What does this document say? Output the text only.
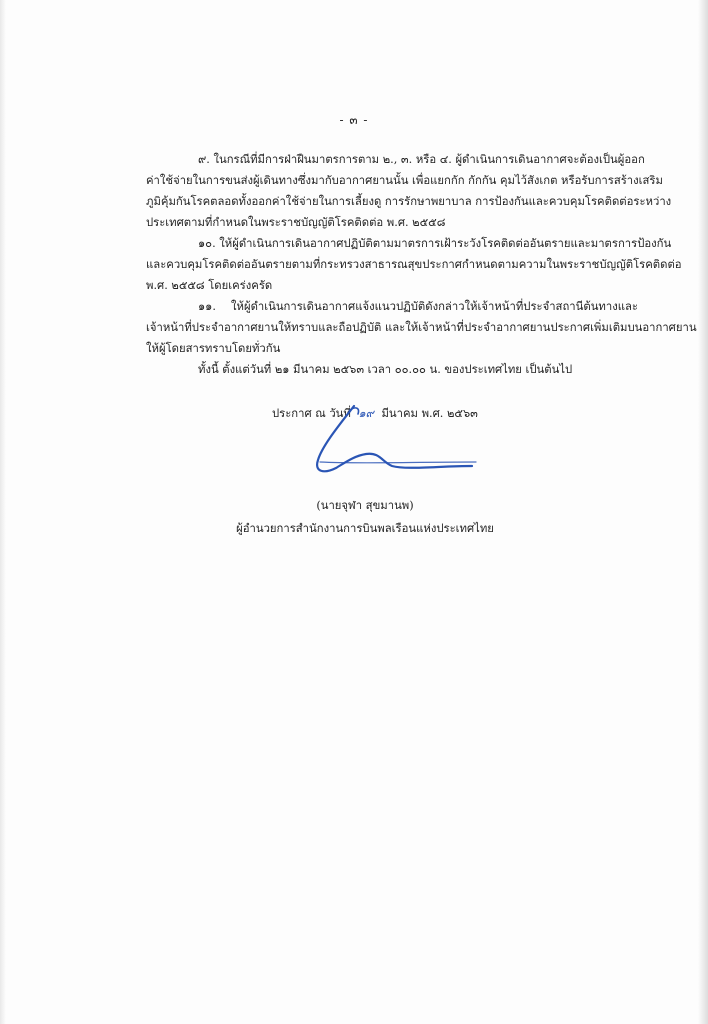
- ๓ -
๙. ในกรณีที่มีการฝ่าฝืนมาตรการตาม ๒., ๓. หรือ ๔. ผู้ดำเนินการเดินอากาศจะต้องเป็นผู้ออก
ค่าใช้จ่ายในการขนส่งผู้เดินทางซึ่งมากับอากาศยานนั้น เพื่อแยกกัก กักกัน คุมไว้สังเกต หรือรับการสร้างเสริม
ภูมิคุ้มกันโรคตลอดทั้งออกค่าใช้จ่ายในการเลี้ยงดู การรักษาพยาบาล การป้องกันและควบคุมโรคติดต่อระหว่าง
ประเทศตามที่กำหนดในพระราชบัญญัติโรคติดต่อ พ.ศ. ๒๕๕๘
๑๐. ให้ผู้ดำเนินการเดินอากาศปฏิบัติตามมาตรการเฝ้าระวังโรคติดต่ออันตรายและมาตรการป้องกัน
และควบคุมโรคติดต่ออันตรายตามที่กระทรวงสาธารณสุขประกาศกำหนดตามความในพระราชบัญญัติโรคติดต่อ
พ.ศ. ๒๕๕๘ โดยเคร่งครัด
๑๑. ให้ผู้ดำเนินการเดินอากาศแจ้งแนวปฏิบัติดังกล่าวให้เจ้าหน้าที่ประจำสถานีต้นทางและ
เจ้าหน้าที่ประจำอากาศยานให้ทราบและถือปฏิบัติ และให้เจ้าหน้าที่ประจำอากาศยานประกาศเพิ่มเติมบนอากาศยาน
ให้ผู้โดยสารทราบโดยทั่วกัน
ทั้งนี้ ตั้งแต่วันที่ ๒๑ มีนาคม ๒๕๖๓ เวลา ๐๐.๐๐ น. ของประเทศไทย เป็นต้นไป
ประกาศ ณ วันที่ ๑๙ มีนาคม พ.ศ. ๒๕๖๓
(นายจุฬา สุขมานพ)
ผู้อำนวยการสำนักงานการบินพลเรือนแห่งประเทศไทย
